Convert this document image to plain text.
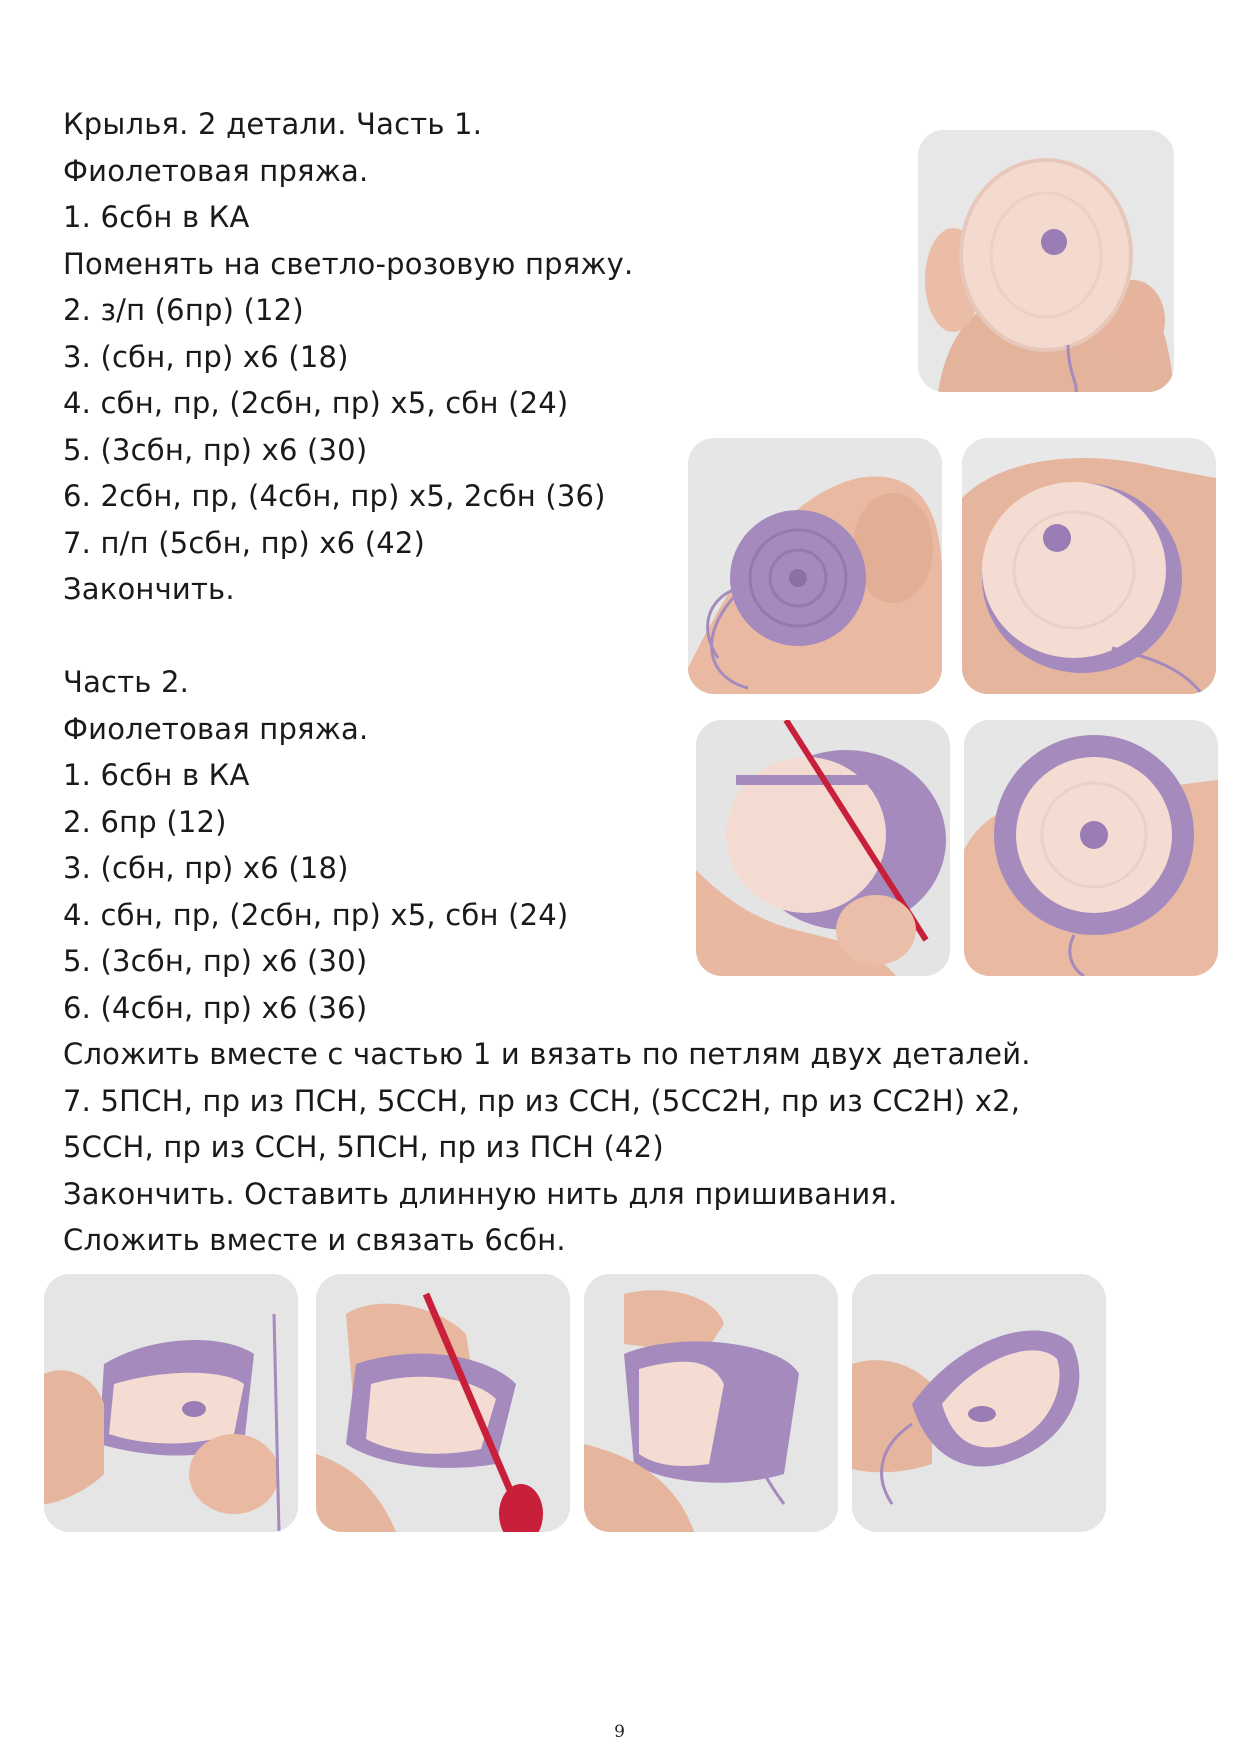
Крылья. 2 детали. Часть 1.
Фиолетовая пряжа.
1. 6сбн в КА
Поменять на светло-розовую пряжу.
2. з/п (6пр) (12)
3. (сбн, пр) х6 (18)
4. сбн, пр, (2сбн, пр) х5, сбн (24)
5. (3сбн, пр) х6 (30)
6. 2сбн, пр, (4сбн, пр) х5, 2сбн (36)
7. п/п (5сбн, пр) х6 (42)
Закончить.
Часть 2.
Фиолетовая пряжа.
1. 6сбн в КА
2. 6пр (12)
3. (сбн, пр) х6 (18)
4. сбн, пр, (2сбн, пр) х5, сбн (24)
5. (3сбн, пр) х6 (30)
6. (4сбн, пр) х6 (36)
Сложить вместе с частью 1 и вязать по петлям двух деталей.
7. 5ПСН, пр из ПСН, 5ССН, пр из ССН, (5СС2Н, пр из СС2Н) х2,
5ССН, пр из ССН, 5ПСН, пр из ПСН (42)
Закончить. Оставить длинную нить для пришивания.
Сложить вместе и связать 6сбн.
9
